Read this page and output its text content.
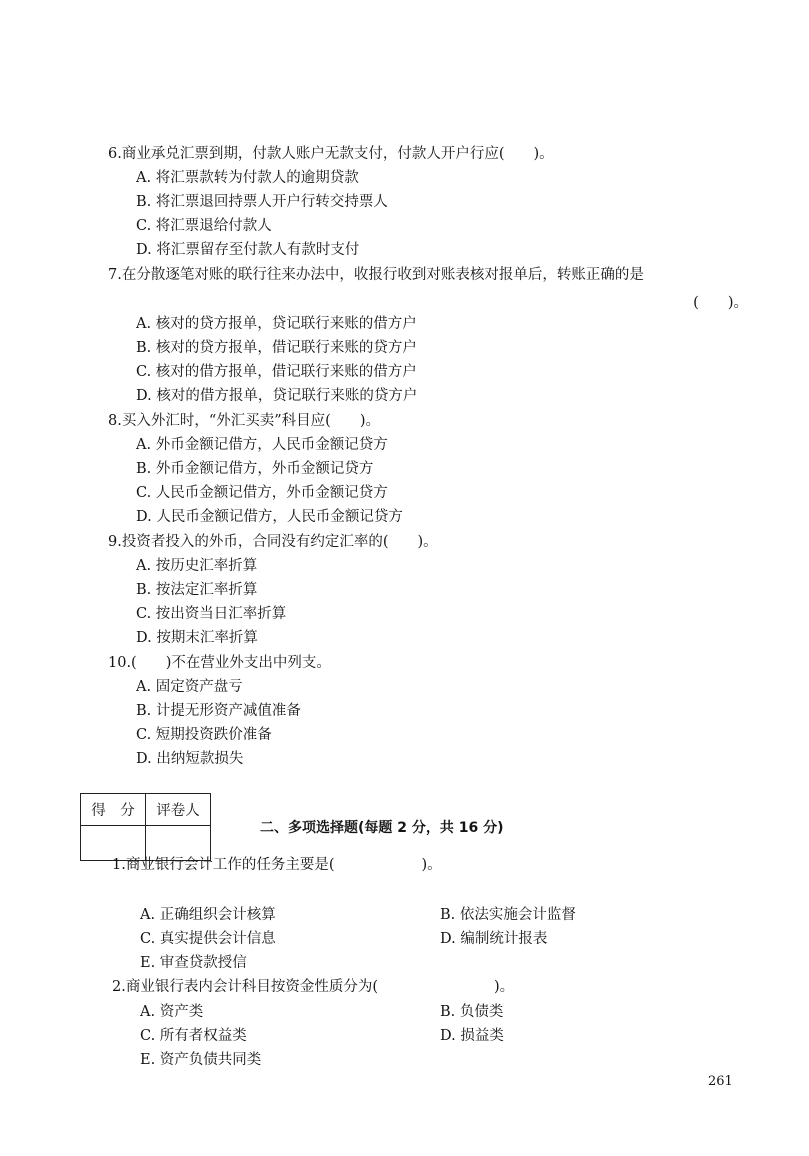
6.商业承兑汇票到期，付款人账户无款支付，付款人开户行应(　　)。
A. 将汇票款转为付款人的逾期贷款
B. 将汇票退回持票人开户行转交持票人
C. 将汇票退给付款人
D. 将汇票留存至付款人有款时支付
7.在分散逐笔对账的联行往来办法中，收报行收到对账表核对报单后，转账正确的是
(　　)。
A. 核对的贷方报单，贷记联行来账的借方户
B. 核对的贷方报单，借记联行来账的贷方户
C. 核对的借方报单，借记联行来账的借方户
D. 核对的借方报单，贷记联行来账的贷方户
8.买入外汇时，“外汇买卖”科目应(　　)。
A. 外币金额记借方，人民币金额记贷方
B. 外币金额记借方，外币金额记贷方
C. 人民币金额记借方，外币金额记贷方
D. 人民币金额记借方，人民币金额记贷方
9.投资者投入的外币，合同没有约定汇率的(　　)。
A. 按历史汇率折算
B. 按法定汇率折算
C. 按出资当日汇率折算
D. 按期末汇率折算
10.(　　)不在营业外支出中列支。
A. 固定资产盘亏
B. 计提无形资产减值准备
C. 短期投资跌价准备
D. 出纳短款损失
得　分	评卷人

二、多项选择题(每题 2 分，共 16 分)
1.商业银行会计工作的任务主要是(　　　　　　)。
A. 正确组织会计核算	B. 依法实施会计监督
C. 真实提供会计信息	D. 编制统计报表
E. 审查贷款授信
2.商业银行表内会计科目按资金性质分为(　　　　　　　　)。
A. 资产类	B. 负债类
C. 所有者权益类	D. 损益类
E. 资产负债共同类
261
